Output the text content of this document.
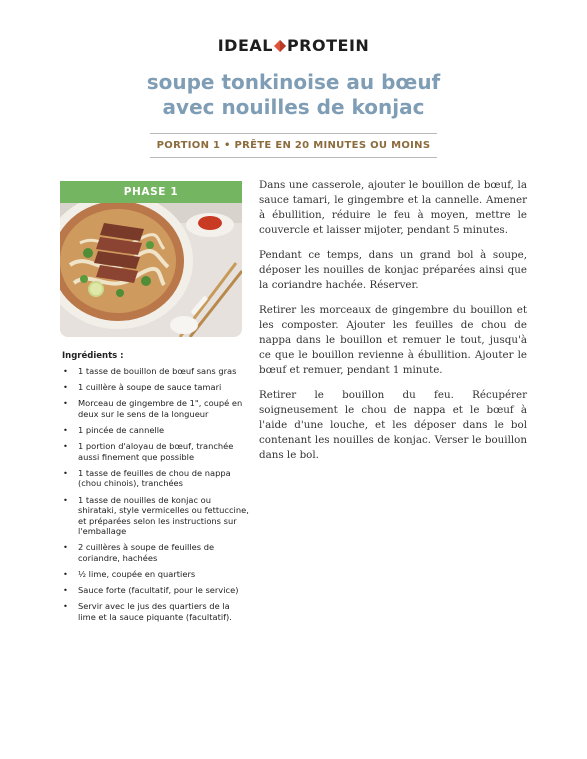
IDEAL PROTEIN
soupe tonkinoise au bœuf
avec nouilles de konjac
PORTION 1 • PRÊTE EN 20 MINUTES OU MOINS
PHASE 1
Ingrédients :
• 1 tasse de bouillon de bœuf sans gras
• 1 cuillère à soupe de sauce tamari
• Morceau de gingembre de 1", coupé en deux sur le sens de la longueur
• 1 pincée de cannelle
• 1 portion d'aloyau de bœuf, tranchée aussi finement que possible
• 1 tasse de feuilles de chou de nappa (chou chinois), tranchées
• 1 tasse de nouilles de konjac ou shirataki, style vermicelles ou fettuccine, et préparées selon les instructions sur l'emballage
• 2 cuillères à soupe de feuilles de coriandre, hachées
• ½ lime, coupée en quartiers
• Sauce forte (facultatif, pour le service)
• Servir avec le jus des quartiers de la lime et la sauce piquante (facultatif).

Dans une casserole, ajouter le bouillon de bœuf, la sauce tamari, le gingembre et la cannelle. Amener à ébullition, réduire le feu à moyen, mettre le couvercle et laisser mijoter, pendant 5 minutes.

Pendant ce temps, dans un grand bol à soupe, déposer les nouilles de konjac préparées ainsi que la coriandre hachée. Réserver.

Retirer les morceaux de gingembre du bouillon et les composter. Ajouter les feuilles de chou de nappa dans le bouillon et remuer le tout, jusqu'à ce que le bouillon revienne à ébullition. Ajouter le bœuf et remuer, pendant 1 minute.

Retirer le bouillon du feu. Récupérer soigneusement le chou de nappa et le bœuf à l'aide d'une louche, et les déposer dans le bol contenant les nouilles de konjac. Verser le bouillon dans le bol.
